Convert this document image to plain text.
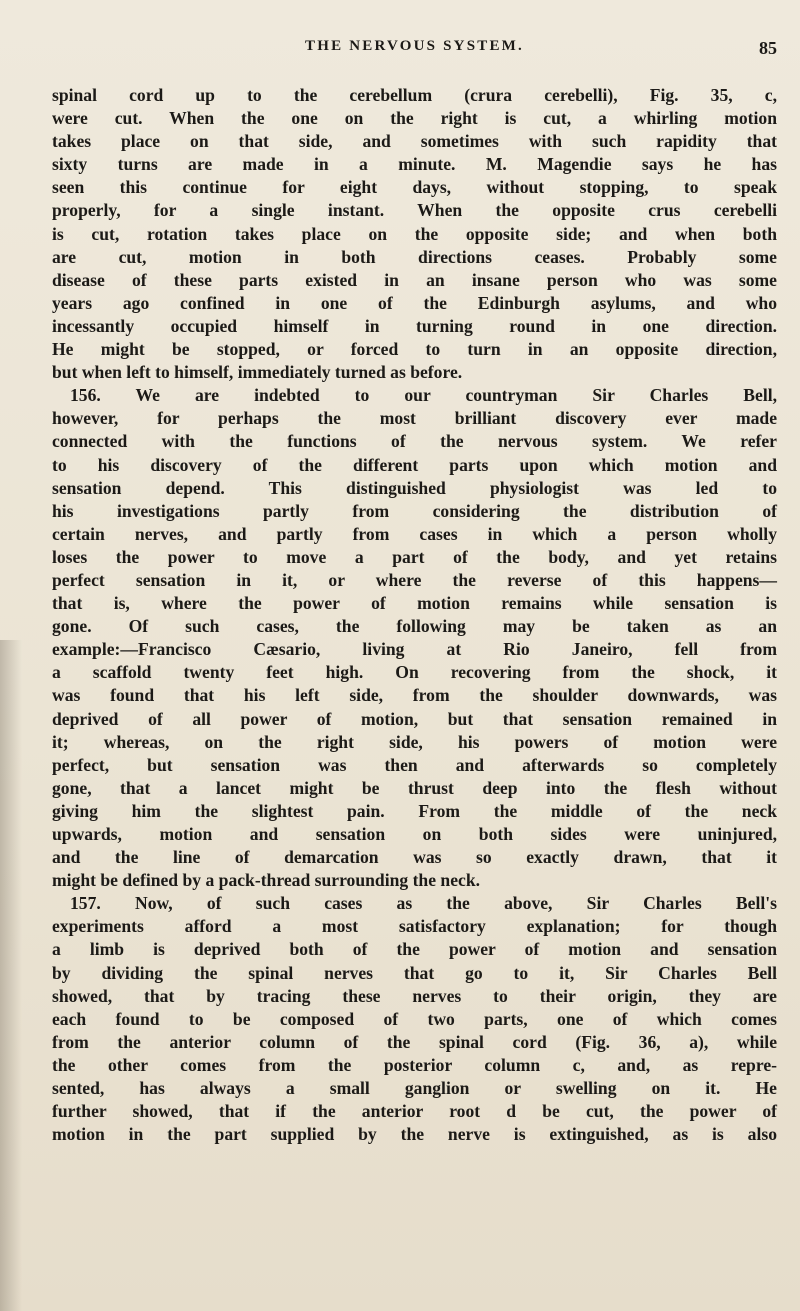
THE NERVOUS SYSTEM.	85
spinal cord up to the cerebellum (crura cerebelli), Fig. 35, c,
were cut. When the one on the right is cut, a whirling motion
takes place on that side, and sometimes with such rapidity that
sixty turns are made in a minute. M. Magendie says he has
seen this continue for eight days, without stopping, to speak
properly, for a single instant. When the opposite crus cerebelli
is cut, rotation takes place on the opposite side; and when both
are cut, motion in both directions ceases. Probably some
disease of these parts existed in an insane person who was some
years ago confined in one of the Edinburgh asylums, and who
incessantly occupied himself in turning round in one direction.
He might be stopped, or forced to turn in an opposite direction,
but when left to himself, immediately turned as before.
156. We are indebted to our countryman Sir Charles Bell,
however, for perhaps the most brilliant discovery ever made
connected with the functions of the nervous system. We refer
to his discovery of the different parts upon which motion and
sensation depend. This distinguished physiologist was led to
his investigations partly from considering the distribution of
certain nerves, and partly from cases in which a person wholly
loses the power to move a part of the body, and yet retains
perfect sensation in it, or where the reverse of this happens—
that is, where the power of motion remains while sensation is
gone. Of such cases, the following may be taken as an
example:—Francisco Cæsario, living at Rio Janeiro, fell from
a scaffold twenty feet high. On recovering from the shock, it
was found that his left side, from the shoulder downwards, was
deprived of all power of motion, but that sensation remained in
it; whereas, on the right side, his powers of motion were
perfect, but sensation was then and afterwards so completely
gone, that a lancet might be thrust deep into the flesh without
giving him the slightest pain. From the middle of the neck
upwards, motion and sensation on both sides were uninjured,
and the line of demarcation was so exactly drawn, that it
might be defined by a pack-thread surrounding the neck.
157. Now, of such cases as the above, Sir Charles Bell's
experiments afford a most satisfactory explanation; for though
a limb is deprived both of the power of motion and sensation
by dividing the spinal nerves that go to it, Sir Charles Bell
showed, that by tracing these nerves to their origin, they are
each found to be composed of two parts, one of which comes
from the anterior column of the spinal cord (Fig. 36, a), while
the other comes from the posterior column c, and, as repre-
sented, has always a small ganglion or swelling on it. He
further showed, that if the anterior root d be cut, the power of
motion in the part supplied by the nerve is extinguished, as is also
